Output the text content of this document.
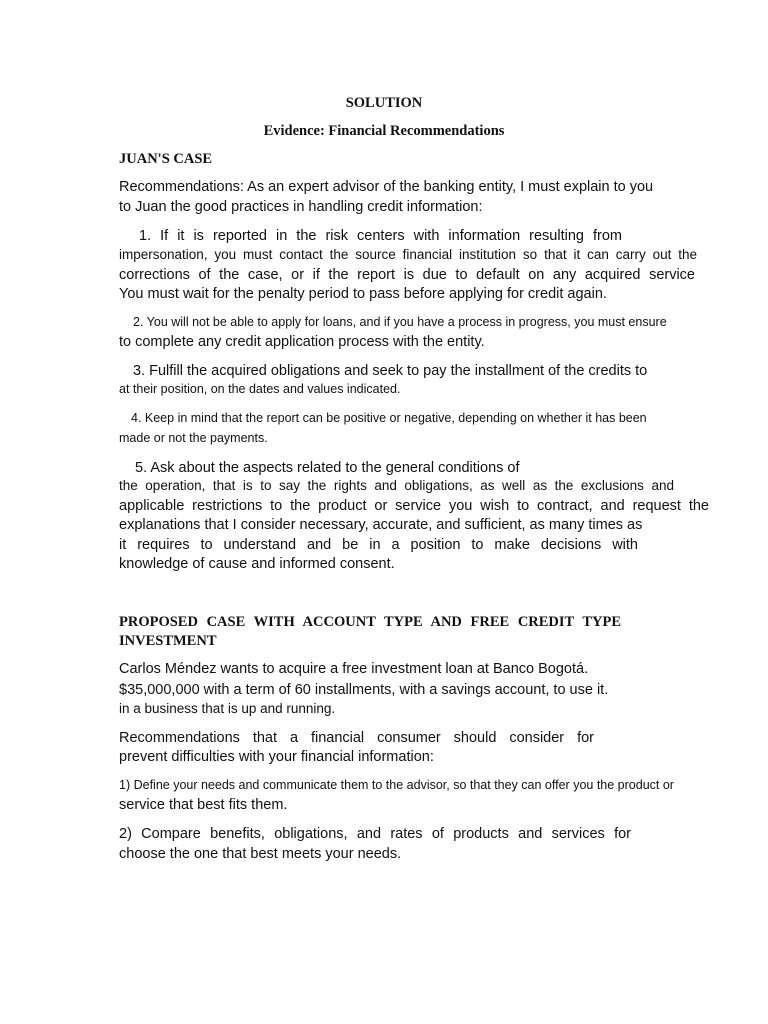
SOLUTION
Evidence: Financial Recommendations
JUAN'S CASE
Recommendations: As an expert advisor of the banking entity, I must explain to you
to Juan the good practices in handling credit information:
1. If it is reported in the risk centers with information resulting from
impersonation, you must contact the source financial institution so that it can carry out the
corrections of the case, or if the report is due to default on any acquired service
You must wait for the penalty period to pass before applying for credit again.
2. You will not be able to apply for loans, and if you have a process in progress, you must ensure
to complete any credit application process with the entity.
3. Fulfill the acquired obligations and seek to pay the installment of the credits to
at their position, on the dates and values indicated.
4. Keep in mind that the report can be positive or negative, depending on whether it has been
made or not the payments.
5. Ask about the aspects related to the general conditions of
the operation, that is to say the rights and obligations, as well as the exclusions and
applicable restrictions to the product or service you wish to contract, and request the
explanations that I consider necessary, accurate, and sufficient, as many times as
it requires to understand and be in a position to make decisions with
knowledge of cause and informed consent.
PROPOSED CASE WITH ACCOUNT TYPE AND FREE CREDIT TYPE
INVESTMENT
Carlos Méndez wants to acquire a free investment loan at Banco Bogotá.
$35,000,000 with a term of 60 installments, with a savings account, to use it.
in a business that is up and running.
Recommendations that a financial consumer should consider for
prevent difficulties with your financial information:
1) Define your needs and communicate them to the advisor, so that they can offer you the product or
service that best fits them.
2) Compare benefits, obligations, and rates of products and services for
choose the one that best meets your needs.
